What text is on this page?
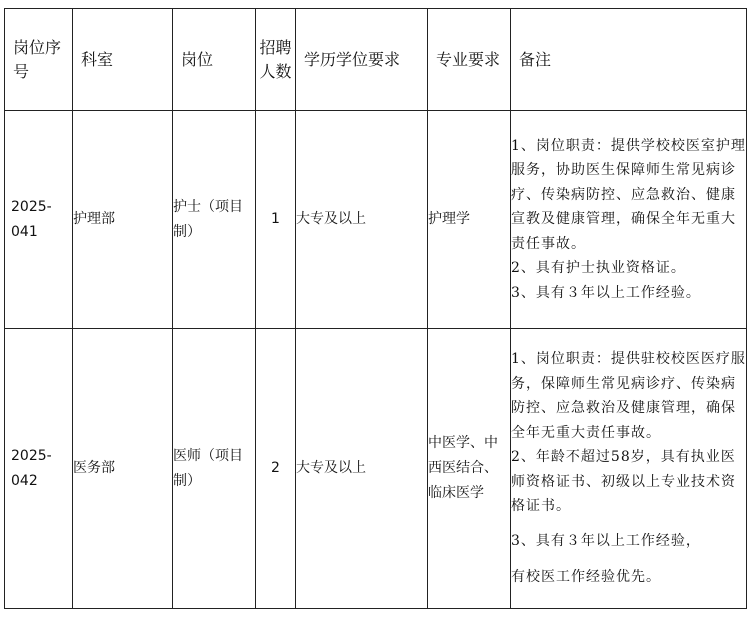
岗位序号	科室	岗位	招聘人数	学历学位要求	专业要求	备注
2025-041	护理部	护士（项目制）	1	大专及以上	护理学	1、岗位职责：提供学校校医室护理服务，协助医生保障师生常见病诊疗、传染病防控、应急救治、健康宣教及健康管理，确保全年无重大责任事故。

2、具有护士执业资格证。

3、具有３年以上工作经验。

2025-042	医务部	医师（项目制）	2	大专及以上	中医学、中西医结合、临床医学	1、岗位职责：提供驻校校医医疗服务，保障师生常见病诊疗、传染病防控、应急救治及健康管理，确保全年无重大责任事故。

2、年龄不超过58岁，具有执业医师资格证书、初级以上专业技术资格证书。

3、具有３年以上工作经验，

有校医工作经验优先。
